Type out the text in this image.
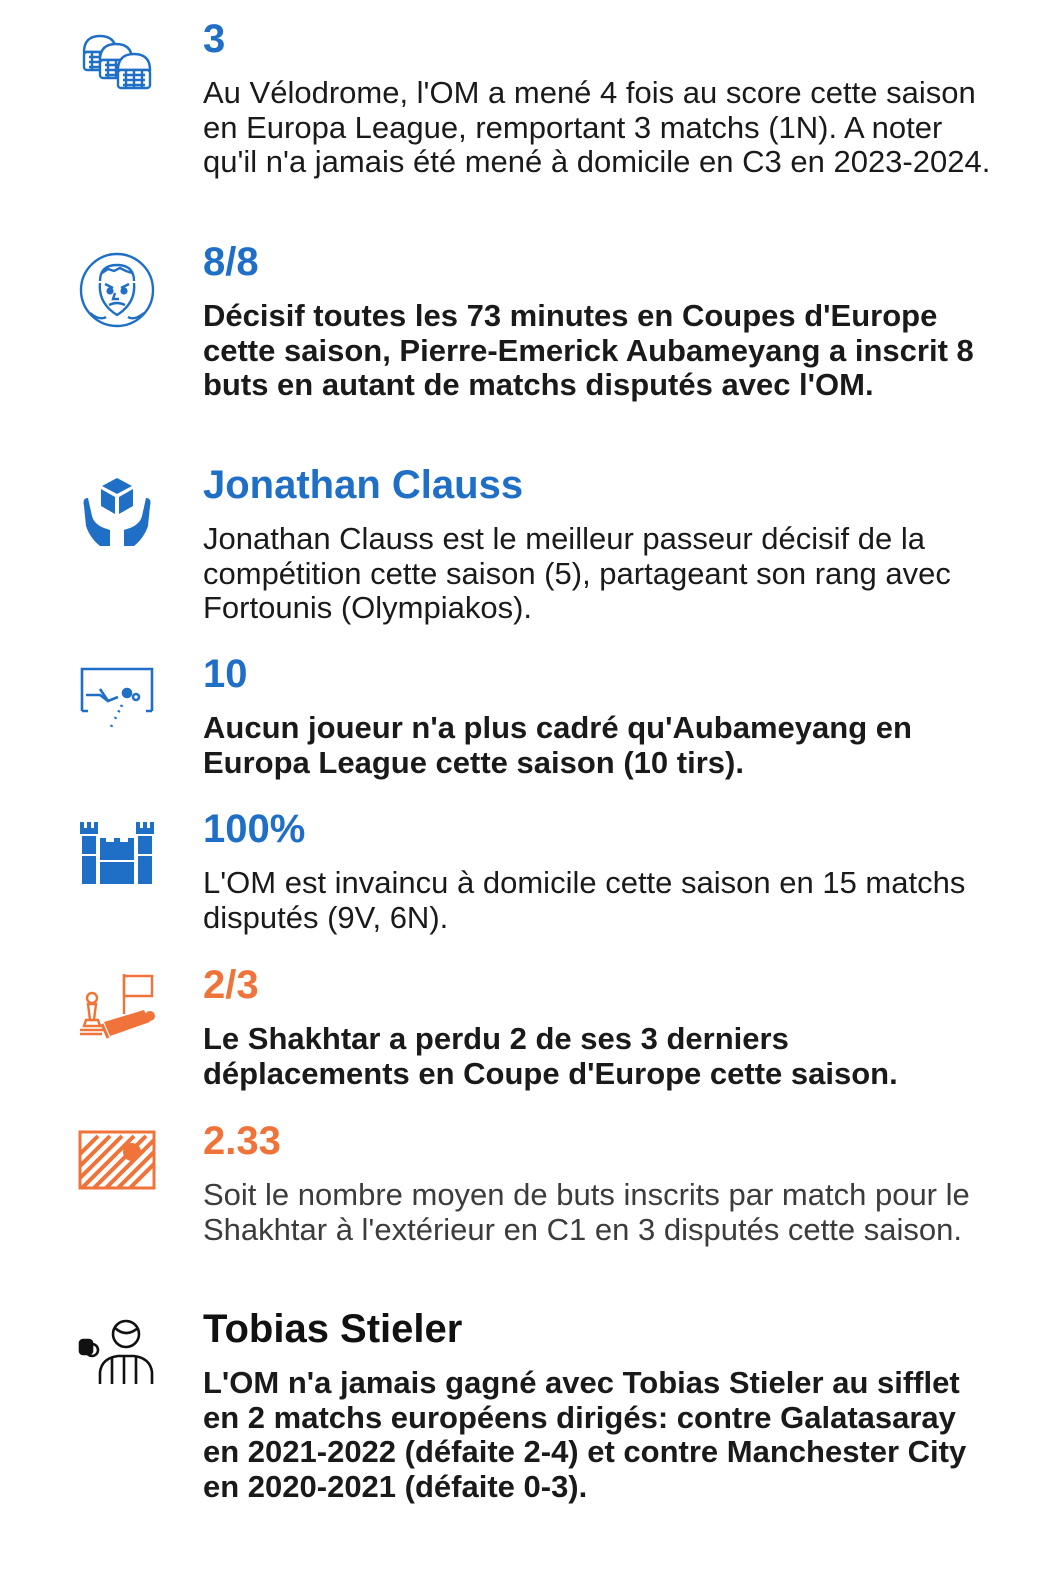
3

Au Vélodrome, l'OM a mené 4 fois au score cette saison en Europa League, remportant 3 matchs (1N). A noter qu'il n'a jamais été mené à domicile en C3 en 2023-2024.

8/8

Décisif toutes les 73 minutes en Coupes d'Europe cette saison, Pierre-Emerick Aubameyang a inscrit 8 buts en autant de matchs disputés avec l'OM.

Jonathan Clauss

Jonathan Clauss est le meilleur passeur décisif de la compétition cette saison (5), partageant son rang avec Fortounis (Olympiakos).

10

Aucun joueur n'a plus cadré qu'Aubameyang en Europa League cette saison (10 tirs).

100%

L'OM est invaincu à domicile cette saison en 15 matchs disputés (9V, 6N).

2/3

Le Shakhtar a perdu 2 de ses 3 derniers déplacements en Coupe d'Europe cette saison.

2.33

Soit le nombre moyen de buts inscrits par match pour le Shakhtar à l'extérieur en C1 en 3 disputés cette saison.

Tobias Stieler

L'OM n'a jamais gagné avec Tobias Stieler au sifflet en 2 matchs européens dirigés: contre Galatasaray en 2021-2022 (défaite 2-4) et contre Manchester City en 2020-2021 (défaite 0-3).
